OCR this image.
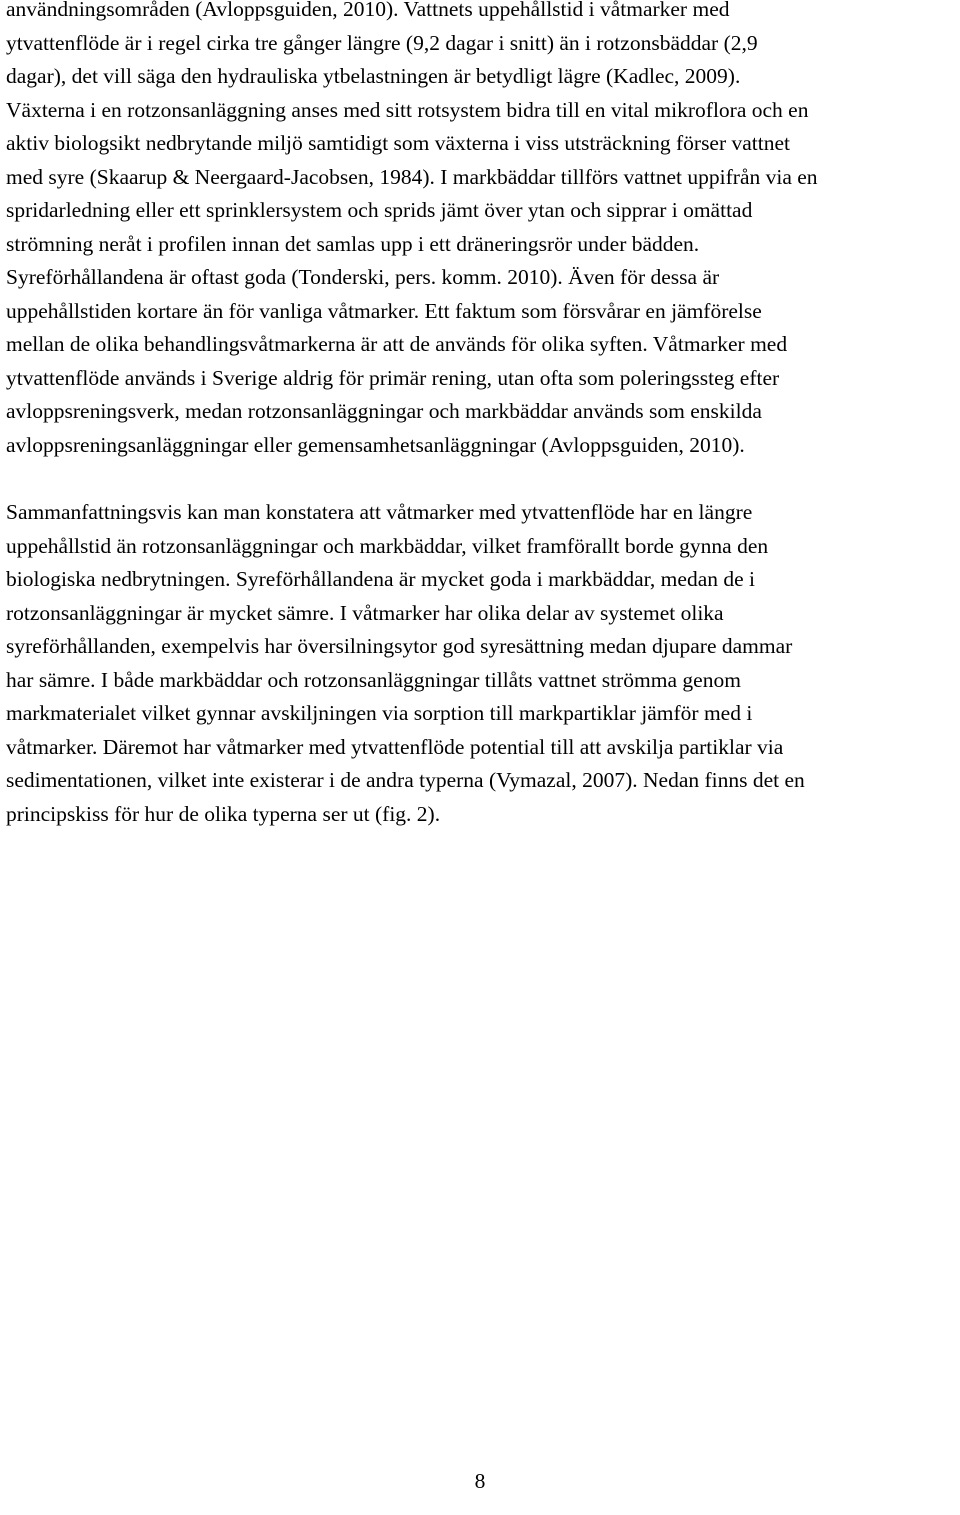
användningsområden (Avloppsguiden, 2010). Vattnets uppehållstid i våtmarker med
ytvattenflöde är i regel cirka tre gånger längre (9,2 dagar i snitt) än i rotzonsbäddar (2,9
dagar), det vill säga den hydrauliska ytbelastningen är betydligt lägre (Kadlec, 2009).
Växterna i en rotzonsanläggning anses med sitt rotsystem bidra till en vital mikroflora och en
aktiv biologsikt nedbrytande miljö samtidigt som växterna i viss utsträckning förser vattnet
med syre (Skaarup & Neergaard-Jacobsen, 1984). I markbäddar tillförs vattnet uppifrån via en
spridarledning eller ett sprinklersystem och sprids jämt över ytan och sipprar i omättad
strömning neråt i profilen innan det samlas upp i ett dräneringsrör under bädden.
Syreförhållandena är oftast goda (Tonderski, pers. komm. 2010). Även för dessa är
uppehållstiden kortare än för vanliga våtmarker. Ett faktum som försvårar en jämförelse
mellan de olika behandlingsvåtmarkerna är att de används för olika syften. Våtmarker med
ytvattenflöde används i Sverige aldrig för primär rening, utan ofta som poleringssteg efter
avloppsreningsverk, medan rotzonsanläggningar och markbäddar används som enskilda
avloppsreningsanläggningar eller gemensamhetsanläggningar (Avloppsguiden, 2010).

Sammanfattningsvis kan man konstatera att våtmarker med ytvattenflöde har en längre
uppehållstid än rotzonsanläggningar och markbäddar, vilket framförallt borde gynna den
biologiska nedbrytningen. Syreförhållandena är mycket goda i markbäddar, medan de i
rotzonsanläggningar är mycket sämre. I våtmarker har olika delar av systemet olika
syreförhållanden, exempelvis har översilningsytor god syresättning medan djupare dammar
har sämre. I både markbäddar och rotzonsanläggningar tillåts vattnet strömma genom
markmaterialet vilket gynnar avskiljningen via sorption till markpartiklar jämför med i
våtmarker. Däremot har våtmarker med ytvattenflöde potential till att avskilja partiklar via
sedimentationen, vilket inte existerar i de andra typerna (Vymazal, 2007). Nedan finns det en
principskiss för hur de olika typerna ser ut (fig. 2).

8
